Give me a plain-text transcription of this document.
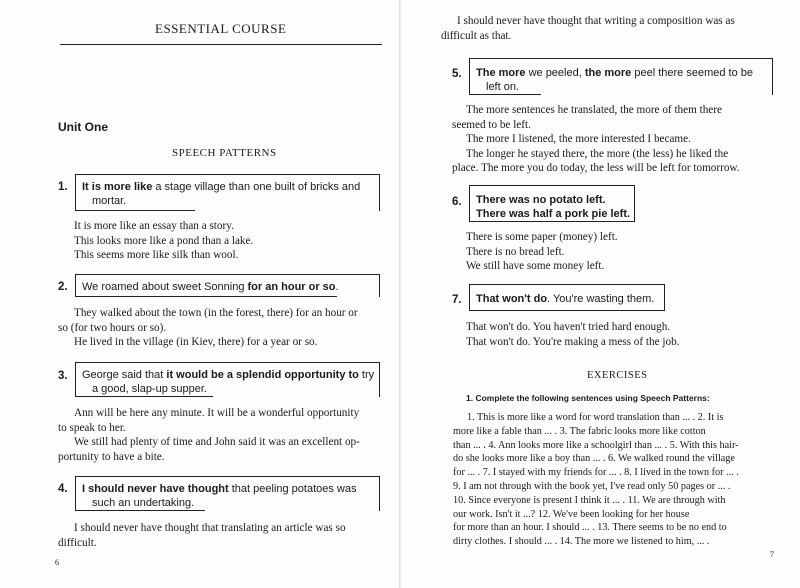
ESSENTIAL COURSE
Unit One
SPEECH PATTERNS
1. It is more like a stage village than one built of bricks and
mortar.
It is more like an essay than a story.
This looks more like a pond than a lake.
This seems more like silk than wool.
2. We roamed about sweet Sonning for an hour or so.
They walked about the town (in the forest, there) for an hour or
so (for two hours or so).
He lived in the village (in Kiev, there) for a year or so.
3. George said that it would be a splendid opportunity to try
a good, slap-up supper.
Ann will be here any minute. It will be a wonderful opportunity
to speak to her.
We still had plenty of time and John said it was an excellent op-
portunity to have a bite.
4. I should never have thought that peeling potatoes was
such an undertaking.
I should never have thought that translating an article was so
difficult.
6
I should never have thought that writing a composition was as
difficult as that.
5. The more we peeled, the more peel there seemed to be
left on.
The more sentences he translated, the more of them there
seemed to be left.
The more I listened, the more interested I became.
The longer he stayed there, the more (the less) he liked the
place. The more you do today, the less will be left for tomorrow.
6. There was no potato left.
There was half a pork pie left.
There is some paper (money) left.
There is no bread left.
We still have some money left.
7. That won't do. You're wasting them.
That won't do. You haven't tried hard enough.
That won't do. You're making a mess of the job.
EXERCISES
1. Complete the following sentences using Speech Patterns:
1. This is more like a word for word translation than ... . 2. It is
more like a fable than ... . 3. The fabric looks more like cotton
than ... . 4. Ann looks more like a schoolgirl than ... . 5. With this hair-
do she looks more like a boy than ... . 6. We walked round the village
for ... . 7. I stayed with my friends for ... . 8. I lived in the town for ... .
9. I am not through with the book yet, I've read only 50 pages or ... .
10. Since everyone is present I think it ... . 11. We are through with
our work. Isn't it ...? 12. We've been looking for her house
for more than an hour. I should ... . 13. There seems to be no end to
dirty clothes. I should ... . 14. The more we listened to him, ... .
7
